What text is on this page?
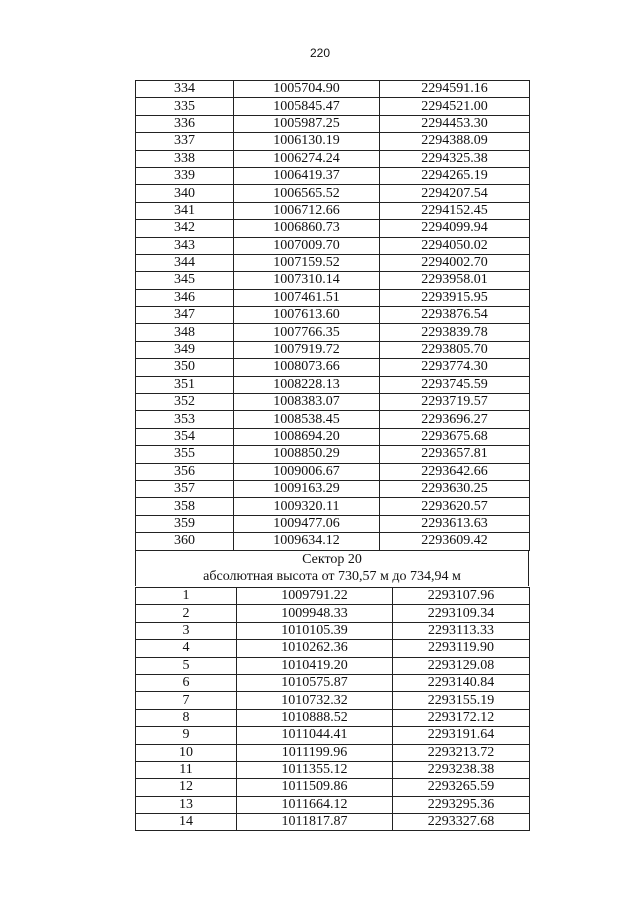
220
334	1005704.90	2294591.16
335	1005845.47	2294521.00
336	1005987.25	2294453.30
337	1006130.19	2294388.09
338	1006274.24	2294325.38
339	1006419.37	2294265.19
340	1006565.52	2294207.54
341	1006712.66	2294152.45
342	1006860.73	2294099.94
343	1007009.70	2294050.02
344	1007159.52	2294002.70
345	1007310.14	2293958.01
346	1007461.51	2293915.95
347	1007613.60	2293876.54
348	1007766.35	2293839.78
349	1007919.72	2293805.70
350	1008073.66	2293774.30
351	1008228.13	2293745.59
352	1008383.07	2293719.57
353	1008538.45	2293696.27
354	1008694.20	2293675.68
355	1008850.29	2293657.81
356	1009006.67	2293642.66
357	1009163.29	2293630.25
358	1009320.11	2293620.57
359	1009477.06	2293613.63
360	1009634.12	2293609.42
Сектор 20
абсолютная высота от 730,57 м до 734,94 м
1	1009791.22	2293107.96
2	1009948.33	2293109.34
3	1010105.39	2293113.33
4	1010262.36	2293119.90
5	1010419.20	2293129.08
6	1010575.87	2293140.84
7	1010732.32	2293155.19
8	1010888.52	2293172.12
9	1011044.41	2293191.64
10	1011199.96	2293213.72
11	1011355.12	2293238.38
12	1011509.86	2293265.59
13	1011664.12	2293295.36
14	1011817.87	2293327.68
